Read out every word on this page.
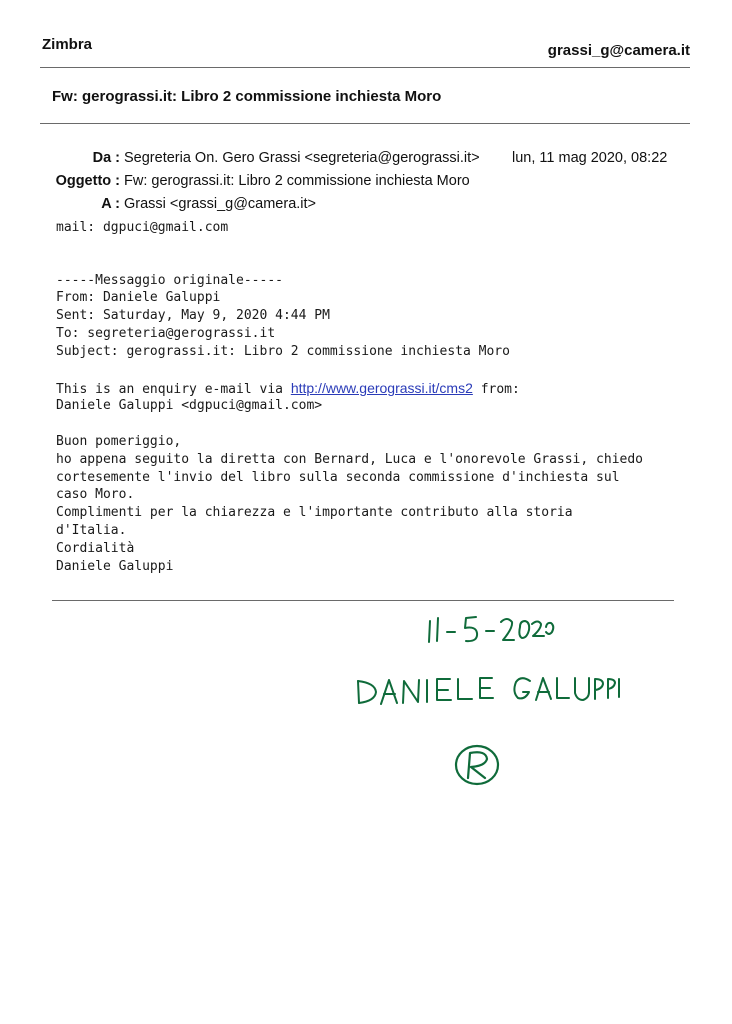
Zimbra	grassi_g@camera.it
Fw: gerograssi.it: Libro 2 commissione inchiesta Moro
Da : Segreteria On. Gero Grassi <segreteria@gerograssi.it> lun, 11 mag 2020, 08:22
Oggetto : Fw: gerograssi.it: Libro 2 commissione inchiesta Moro
A : Grassi <grassi_g@camera.it>
mail: dgpuci@gmail.com
-----Messaggio originale-----
From: Daniele Galuppi
Sent: Saturday, May 9, 2020 4:44 PM
To: segreteria@gerograssi.it
Subject: gerograssi.it: Libro 2 commissione inchiesta Moro
This is an enquiry e-mail via http://www.gerograssi.it/cms2 from:
Daniele Galuppi <dgpuci@gmail.com>
Buon pomeriggio,
ho appena seguito la diretta con Bernard, Luca e l'onorevole Grassi, chiedo
cortesemente l'invio del libro sulla seconda commissione d'inchiesta sul
caso Moro.
Complimenti per la chiarezza e l'importante contributo alla storia
d'Italia.
Cordialità
Daniele Galuppi
